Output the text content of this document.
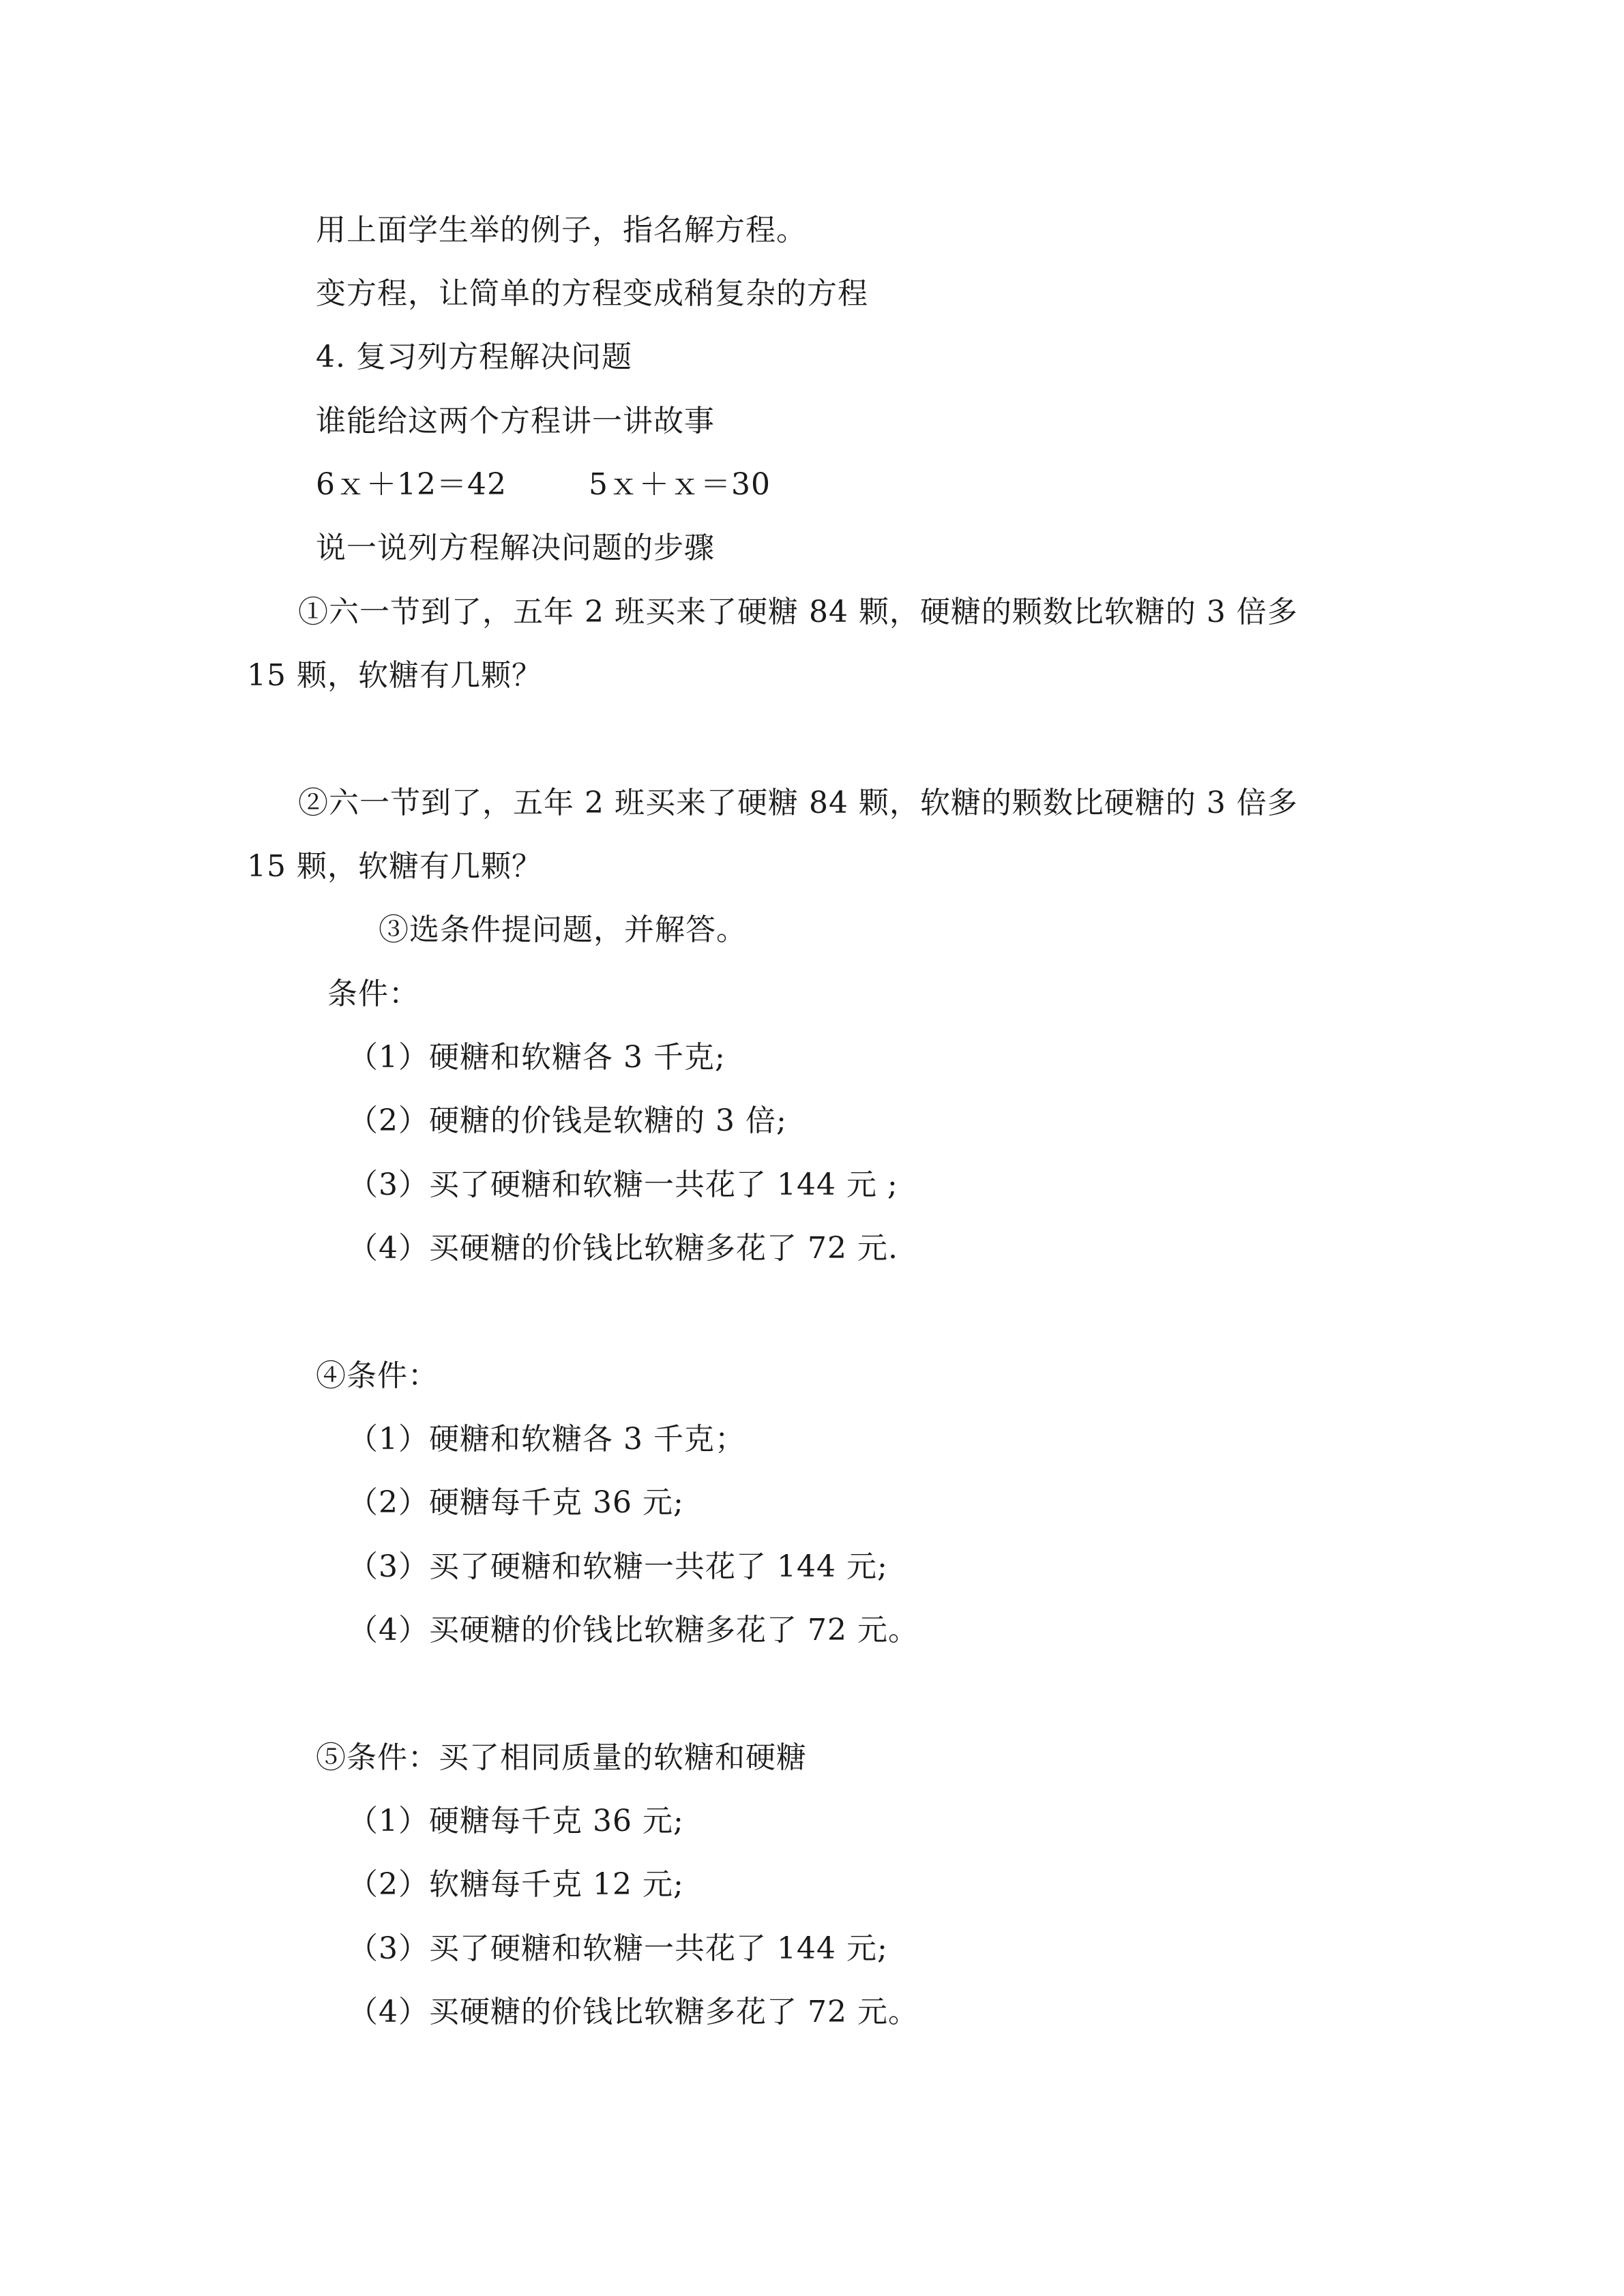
用上面学生举的例子，指名解方程。
变方程，让简单的方程变成稍复杂的方程
4. 复习列方程解决问题
谁能给这两个方程讲一讲故事
6ｘ＋12＝42	5ｘ＋ｘ＝30
说一说列方程解决问题的步骤
①六一节到了，五年 2 班买来了硬糖 84 颗，硬糖的颗数比软糖的 3 倍多
15 颗，软糖有几颗？
②六一节到了，五年 2 班买来了硬糖 84 颗，软糖的颗数比硬糖的 3 倍多
15 颗，软糖有几颗？
③选条件提问题，并解答。
条件：
（1）硬糖和软糖各 3 千克;
（2）硬糖的价钱是软糖的 3 倍;
（3）买了硬糖和软糖一共花了 144 元 ;
（4）买硬糖的价钱比软糖多花了 72 元.
④条件：
（1）硬糖和软糖各 3 千克；
（2）硬糖每千克 36 元;
（3）买了硬糖和软糖一共花了 144 元;
（4）买硬糖的价钱比软糖多花了 72 元。
⑤条件：买了相同质量的软糖和硬糖
（1）硬糖每千克 36 元;
（2）软糖每千克 12 元;
（3）买了硬糖和软糖一共花了 144 元;
（4）买硬糖的价钱比软糖多花了 72 元。
